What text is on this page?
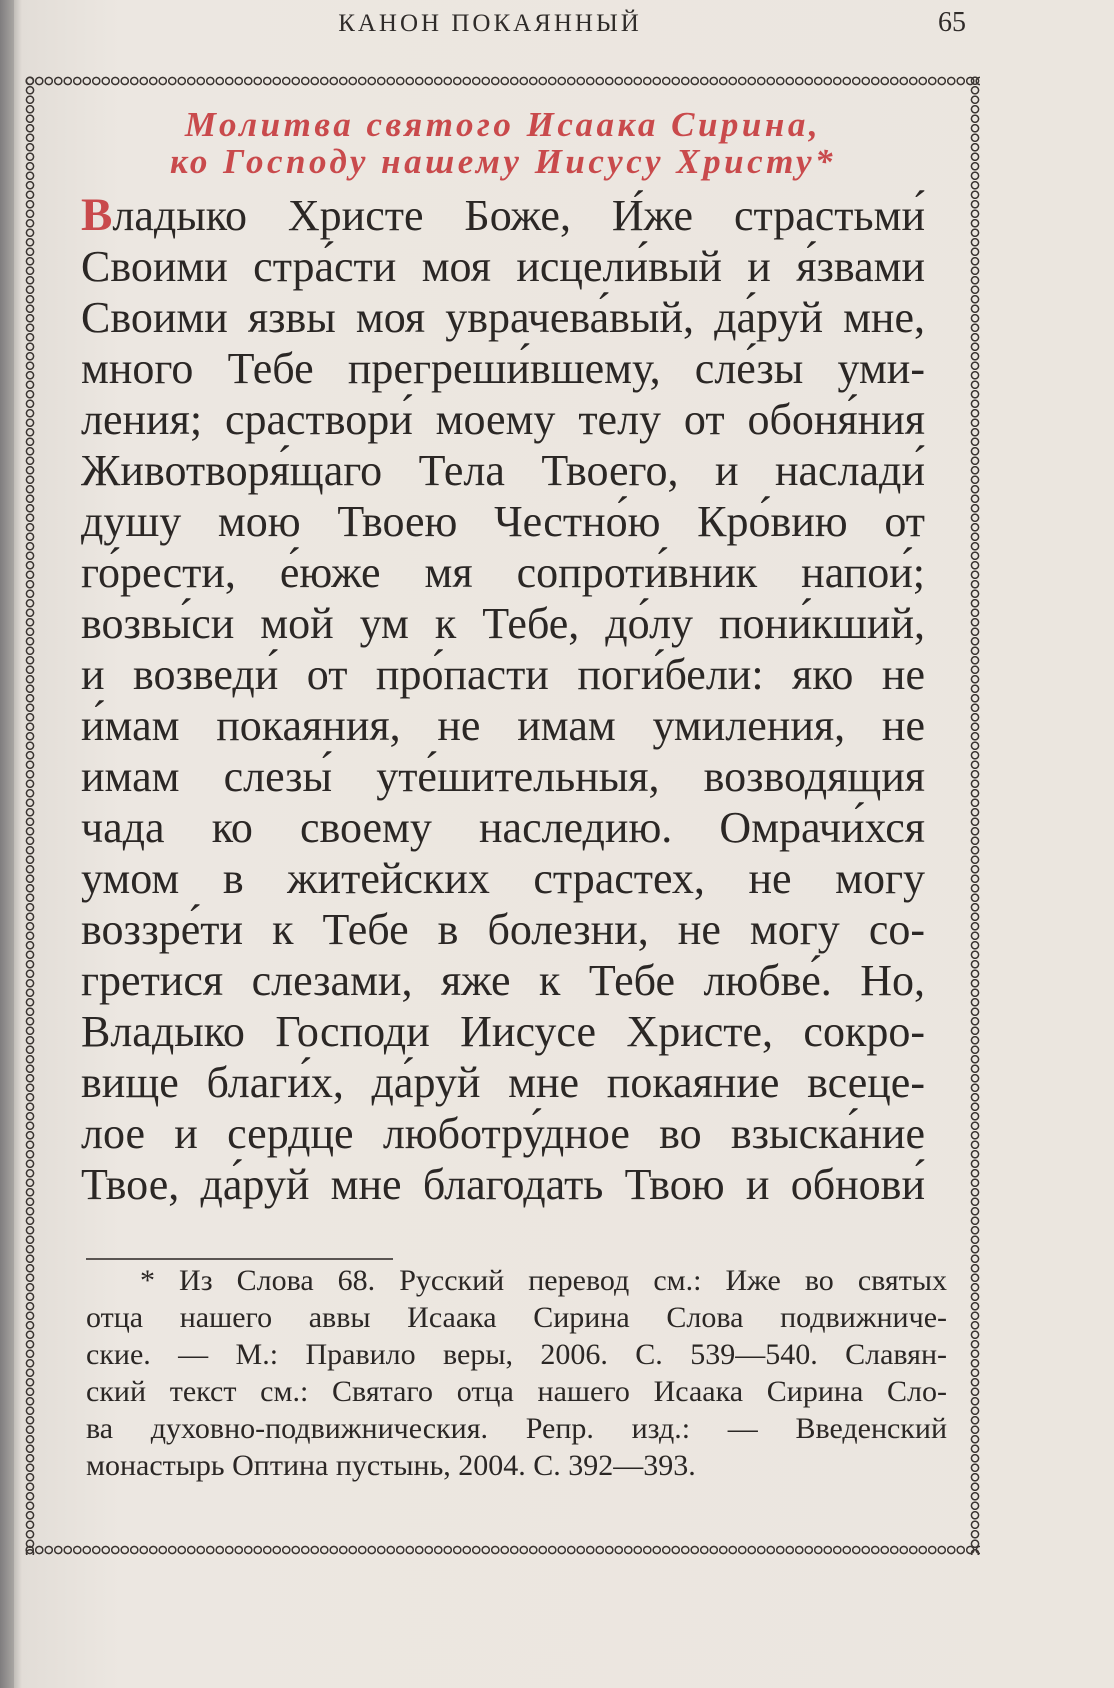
КАНОН ПОКАЯННЫЙ	65
Молитва святого Исаака Сирина,
ко Господу нашему Иисусу Христу*
Владыко Христе Боже, И́же страстьми́
Своими стра́сти моя исцели́вый и я́звами
Своими язвы моя уврачева́вый, да́руй мне,
много Тебе прегреши́вшему, сле́зы уми-
ления; сраствори́ моему телу от обоня́ния
Животворя́щаго Тела Твоего, и наслади́
душу мою Твоею Честно́ю Кро́вию от
го́рести, е́юже мя сопроти́вник напои́;
возвы́си мой ум к Тебе, до́лу пони́кший,
и возведи́ от про́пасти поги́бели: яко не
и́мам покаяния, не имам умиления, не
имам слезы́ уте́шительныя, возводящия
чада ко своему наследию. Омрачи́хся
умом в житейских страстех, не могу
воззре́ти к Тебе в болезни, не могу со-
гретися слезами, яже к Тебе любве́. Но,
Владыко Господи Иисусе Христе, сокро-
вище благи́х, да́руй мне покаяние всеце-
лое и сердце люботру́дное во взыска́ние
Твое, да́руй мне благодать Твою и обнови́
* Из Слова 68. Русский перевод см.: Иже во святых
отца нашего аввы Исаака Сирина Слова подвижниче-
ские. — М.: Правило веры, 2006. С. 539—540. Славян-
ский текст см.: Святаго отца нашего Исаака Сирина Сло-
ва духовно-подвижническия. Репр. изд.: — Введенский
монастырь Оптина пустынь, 2004. С. 392—393.
